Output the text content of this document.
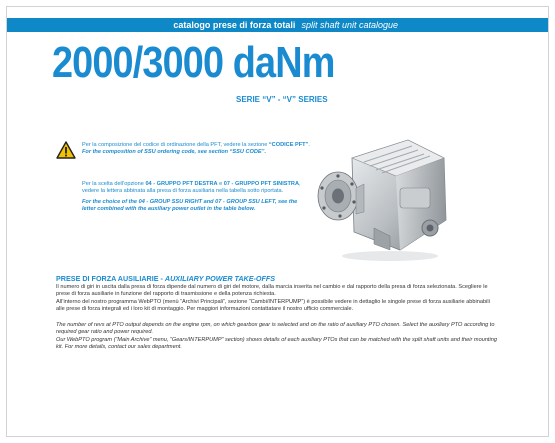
catalogo prese di forza totali split shaft unit catalogue
2000/3000 daNm
SERIE “V” - “V” SERIES
Per la composizione del codice di ordinazione della PFT, vedere la sezione “CODICE PFT”.
For the composition of SSU ordering code, see section “SSU CODE”.
Per la scelta dell’opzione 04 - GRUPPO PFT DESTRA e 07 - GRUPPO PFT SINISTRA, vedere la lettera abbinata alla presa di forza ausiliaria nella tabella sotto riportata.
For the choice of the 04 - GROUP SSU RIGHT and 07 - GROUP SSU LEFT, see the letter combined with the auxiliary power outlet in the table below.
PRESE DI FORZA AUSILIARIE - AUXILIARY POWER TAKE-OFFS
Il numero di giri in uscita dalla presa di forza dipende dal numero di giri del motore, dalla marcia inserita nel cambio e dal rapporto della presa di forza selezionata. Scegliere le prese di forza ausiliarie in funzione del rapporto di trasmissione e della potenza richiesta.
All’interno del nostro programma WebPTO (menù “Archivi Principali”, sezione “Cambi/INTERPUMP”) è possibile vedere in dettaglio le singole prese di forza ausiliarie abbinabili alle prese di forza integrali ed i loro kit di montaggio. Per maggiori informazioni contattatare il nostro ufficio commerciale.
The number of revs at PTO output depends on the engine rpm, on which gearbox gear is selected and on the ratio of auxiliary PTO chosen. Select the auxiliary PTO according to required gear ratio and power required.
Our WebPTO program (“Main Archive” menu, “Gears/INTERPUMP” section) shows details of each auxiliary PTOs that can be matched with the split shaft units and their mounting kit. For more details, contact our sales department.
